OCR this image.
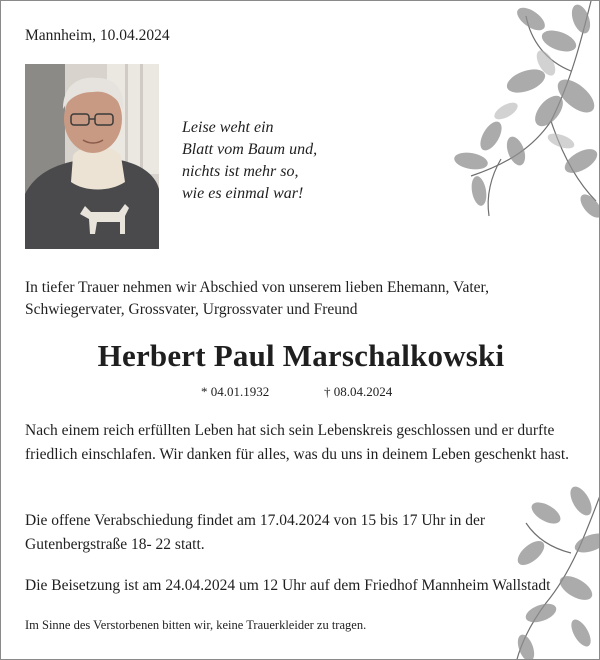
Mannheim, 10.04.2024
Leise weht ein
Blatt vom Baum und,
nichts ist mehr so,
wie es einmal war!
In tiefer Trauer nehmen wir Abschied von unserem lieben Ehemann, Vater, Schwiegervater, Grossvater, Urgrossvater und Freund
Herbert Paul Marschalkowski
* 04.01.1932	† 08.04.2024
Nach einem reich erfüllten Leben hat sich sein Lebenskreis geschlossen und er durfte friedlich einschlafen. Wir danken für alles, was du uns in deinem Leben geschenkt hast.
Die offene Verabschiedung findet am 17.04.2024 von 15 bis 17 Uhr in der Gutenbergstraße 18- 22 statt.
Die Beisetzung ist am 24.04.2024 um 12 Uhr auf dem Friedhof Mannheim Wallstadt
Im Sinne des Verstorbenen bitten wir, keine Trauerkleider zu tragen.
